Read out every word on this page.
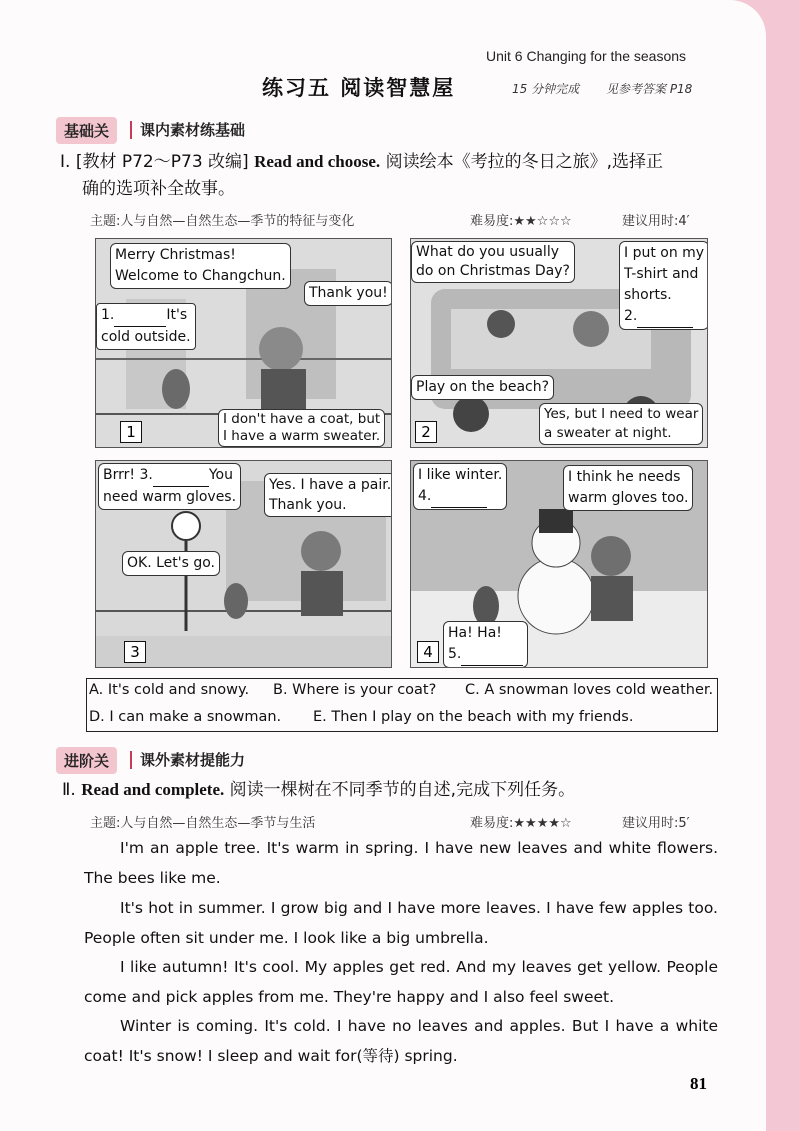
Unit 6 Changing for the seasons
练习五 阅读智慧屋	15 分钟完成 见参考答案 P18
基础关	课内素材练基础
Ⅰ. [教材 P72～P73 改编] Read and choose. 阅读绘本《考拉的冬日之旅》,选择正
确的选项补全故事。
主题:人与自然—自然生态—季节的特征与变化	难易度:★★☆☆☆	建议用时:4′
Merry Christmas!
Welcome to Changchun.
Thank you!
1.	It's
cold outside.
I don't have a coat, but
I have a warm sweater.
1
What do you usually
do on Christmas Day?
I put on my
T-shirt and
shorts.
2.
Play on the beach?
Yes, but I need to wear
a sweater at night.
2
Brrr! 3.	You
need warm gloves.
Yes. I have a pair.
Thank you.
OK. Let's go.
3
I like winter.
4.
I think he needs
warm gloves too.
Ha! Ha!
5.
4
A. It's cold and snowy. B. Where is your coat? C. A snowman loves cold weather.
D. I can make a snowman. E. Then I play on the beach with my friends.
进阶关	课外素材提能力
Ⅱ. Read and complete. 阅读一棵树在不同季节的自述,完成下列任务。
主题:人与自然—自然生态—季节与生活	难易度:★★★★☆	建议用时:5′
I'm an apple tree. It's warm in spring. I have new leaves and white flowers. The bees like me.
It's hot in summer. I grow big and I have more leaves. I have few apples too. People often sit under me. I look like a big umbrella.
I like autumn! It's cool. My apples get red. And my leaves get yellow. People come and pick apples from me. They're happy and I also feel sweet.
Winter is coming. It's cold. I have no leaves and apples. But I have a white coat! It's snow! I sleep and wait for(等待) spring.
81
